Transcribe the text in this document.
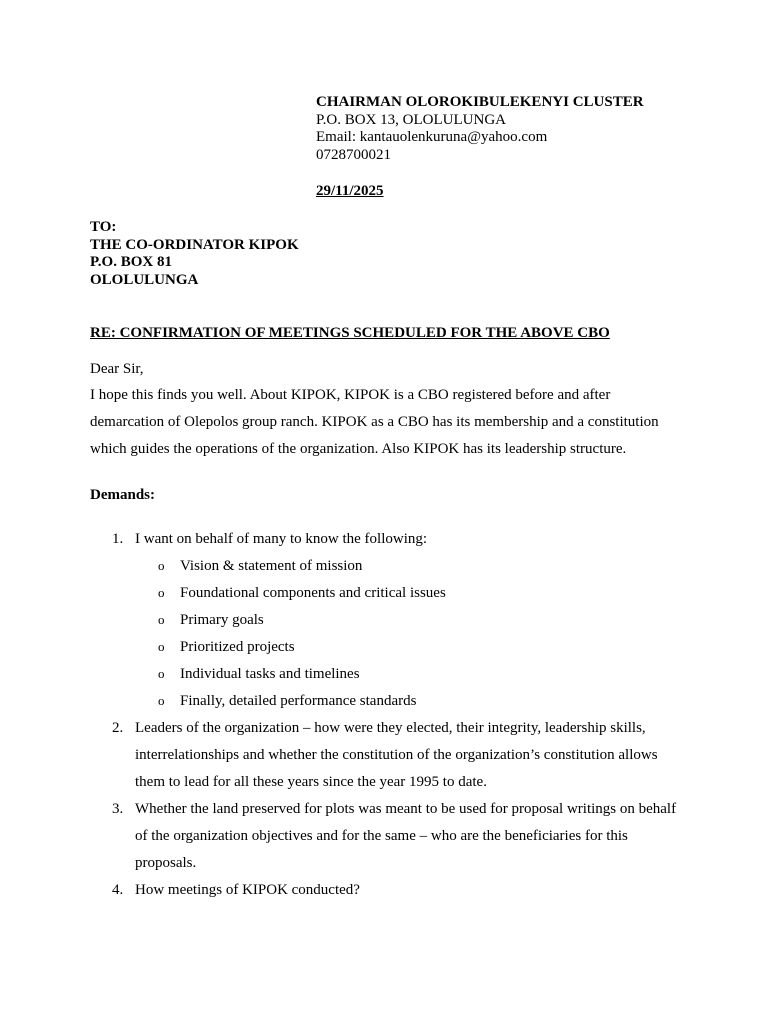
CHAIRMAN OLOROKIBULEKENYI CLUSTER
P.O. BOX 13, OLOLULUNGA
Email: kantauolenkuruna@yahoo.com
0728700021
29/11/2025
TO:
THE CO-ORDINATOR KIPOK
P.O. BOX 81
OLOLULUNGA
RE: CONFIRMATION OF MEETINGS SCHEDULED FOR THE ABOVE CBO
Dear Sir,
I hope this finds you well. About KIPOK, KIPOK is a CBO registered before and after demarcation of Olepolos group ranch. KIPOK as a CBO has its membership and a constitution which guides the operations of the organization. Also KIPOK has its leadership structure.
Demands:
1. I want on behalf of many to know the following:
o Vision & statement of mission
o Foundational components and critical issues
o Primary goals
o Prioritized projects
o Individual tasks and timelines
o Finally, detailed performance standards
2. Leaders of the organization – how were they elected, their integrity, leadership skills, interrelationships and whether the constitution of the organization’s constitution allows them to lead for all these years since the year 1995 to date.
3. Whether the land preserved for plots was meant to be used for proposal writings on behalf of the organization objectives and for the same – who are the beneficiaries for this proposals.
4. How meetings of KIPOK conducted?
